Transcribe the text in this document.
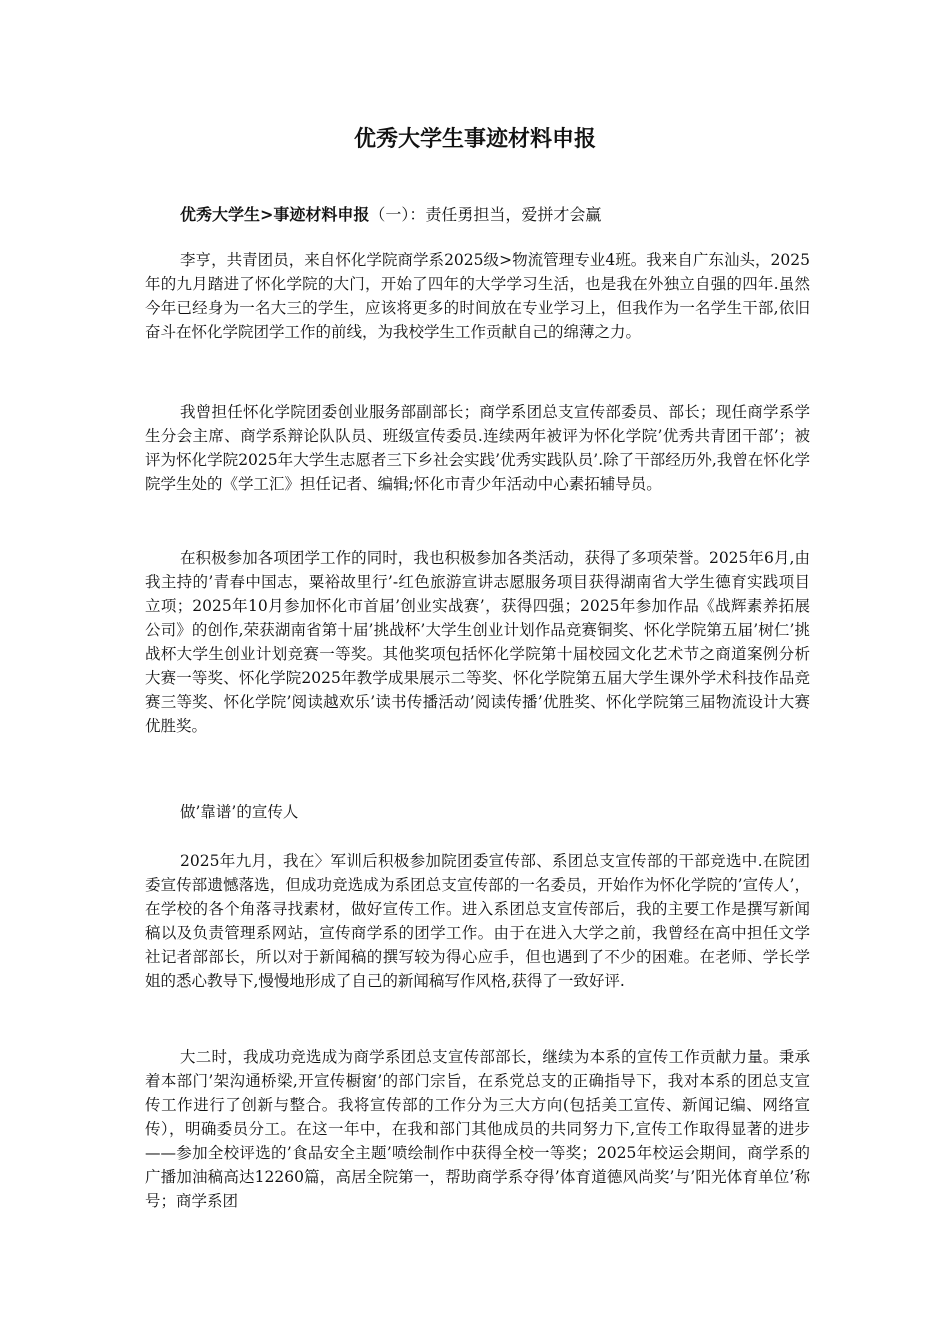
优秀大学生事迹材料申报
优秀大学生>事迹材料申报（一）：责任勇担当，爱拼才会赢

李亨，共青团员，来自怀化学院商学系2025级>物流管理专业4班。我来自广东汕头，2025年的九月踏进了怀化学院的大门，开始了四年的大学学习生活，也是我在外独立自强的四年.虽然今年已经身为一名大三的学生，应该将更多的时间放在专业学习上，但我作为一名学生干部,依旧奋斗在怀化学院团学工作的前线，为我校学生工作贡献自己的绵薄之力。

我曾担任怀化学院团委创业服务部副部长；商学系团总支宣传部委员、部长；现任商学系学生分会主席、商学系辩论队队员、班级宣传委员.连续两年被评为怀化学院’优秀共青团干部’；被评为怀化学院2025年大学生志愿者三下乡社会实践’优秀实践队员’.除了干部经历外,我曾在怀化学院学生处的《学工汇》担任记者、编辑;怀化市青少年活动中心素拓辅导员。

在积极参加各项团学工作的同时，我也积极参加各类活动，获得了多项荣誉。2025年6月,由我主持的’青春中国志，粟裕故里行’-红色旅游宣讲志愿服务项目获得湖南省大学生德育实践项目立项；2025年10月参加怀化市首届’创业实战赛’，获得四强；2025年参加作品《战辉素养拓展公司》的创作,荣获湖南省第十届’挑战杯’大学生创业计划作品竞赛铜奖、怀化学院第五届’树仁’挑战杯大学生创业计划竞赛一等奖。其他奖项包括怀化学院第十届校园文化艺术节之商道案例分析大赛一等奖、怀化学院2025年教学成果展示二等奖、怀化学院第五届大学生课外学术科技作品竞赛三等奖、怀化学院’阅读越欢乐’读书传播活动’阅读传播’优胜奖、怀化学院第三届物流设计大赛优胜奖。

做’靠谱’的宣传人

2025年九月，我在〉军训后积极参加院团委宣传部、系团总支宣传部的干部竞选中.在院团委宣传部遗憾落选，但成功竞选成为系团总支宣传部的一名委员，开始作为怀化学院的’宣传人’，在学校的各个角落寻找素材，做好宣传工作。进入系团总支宣传部后，我的主要工作是撰写新闻稿以及负责管理系网站，宣传商学系的团学工作。由于在进入大学之前，我曾经在高中担任文学社记者部部长，所以对于新闻稿的撰写较为得心应手，但也遇到了不少的困难。在老师、学长学姐的悉心教导下,慢慢地形成了自己的新闻稿写作风格,获得了一致好评.

大二时，我成功竞选成为商学系团总支宣传部部长，继续为本系的宣传工作贡献力量。秉承着本部门’架沟通桥梁,开宣传橱窗’的部门宗旨，在系党总支的正确指导下，我对本系的团总支宣传工作进行了创新与整合。我将宣传部的工作分为三大方向(包括美工宣传、新闻记编、网络宣传），明确委员分工。在这一年中，在我和部门其他成员的共同努力下,宣传工作取得显著的进步——参加全校评选的’食品安全主题’喷绘制作中获得全校一等奖；2025年校运会期间，商学系的广播加油稿高达12260篇，高居全院第一，帮助商学系夺得’体育道德风尚奖’与’阳光体育单位’称号；商学系团
